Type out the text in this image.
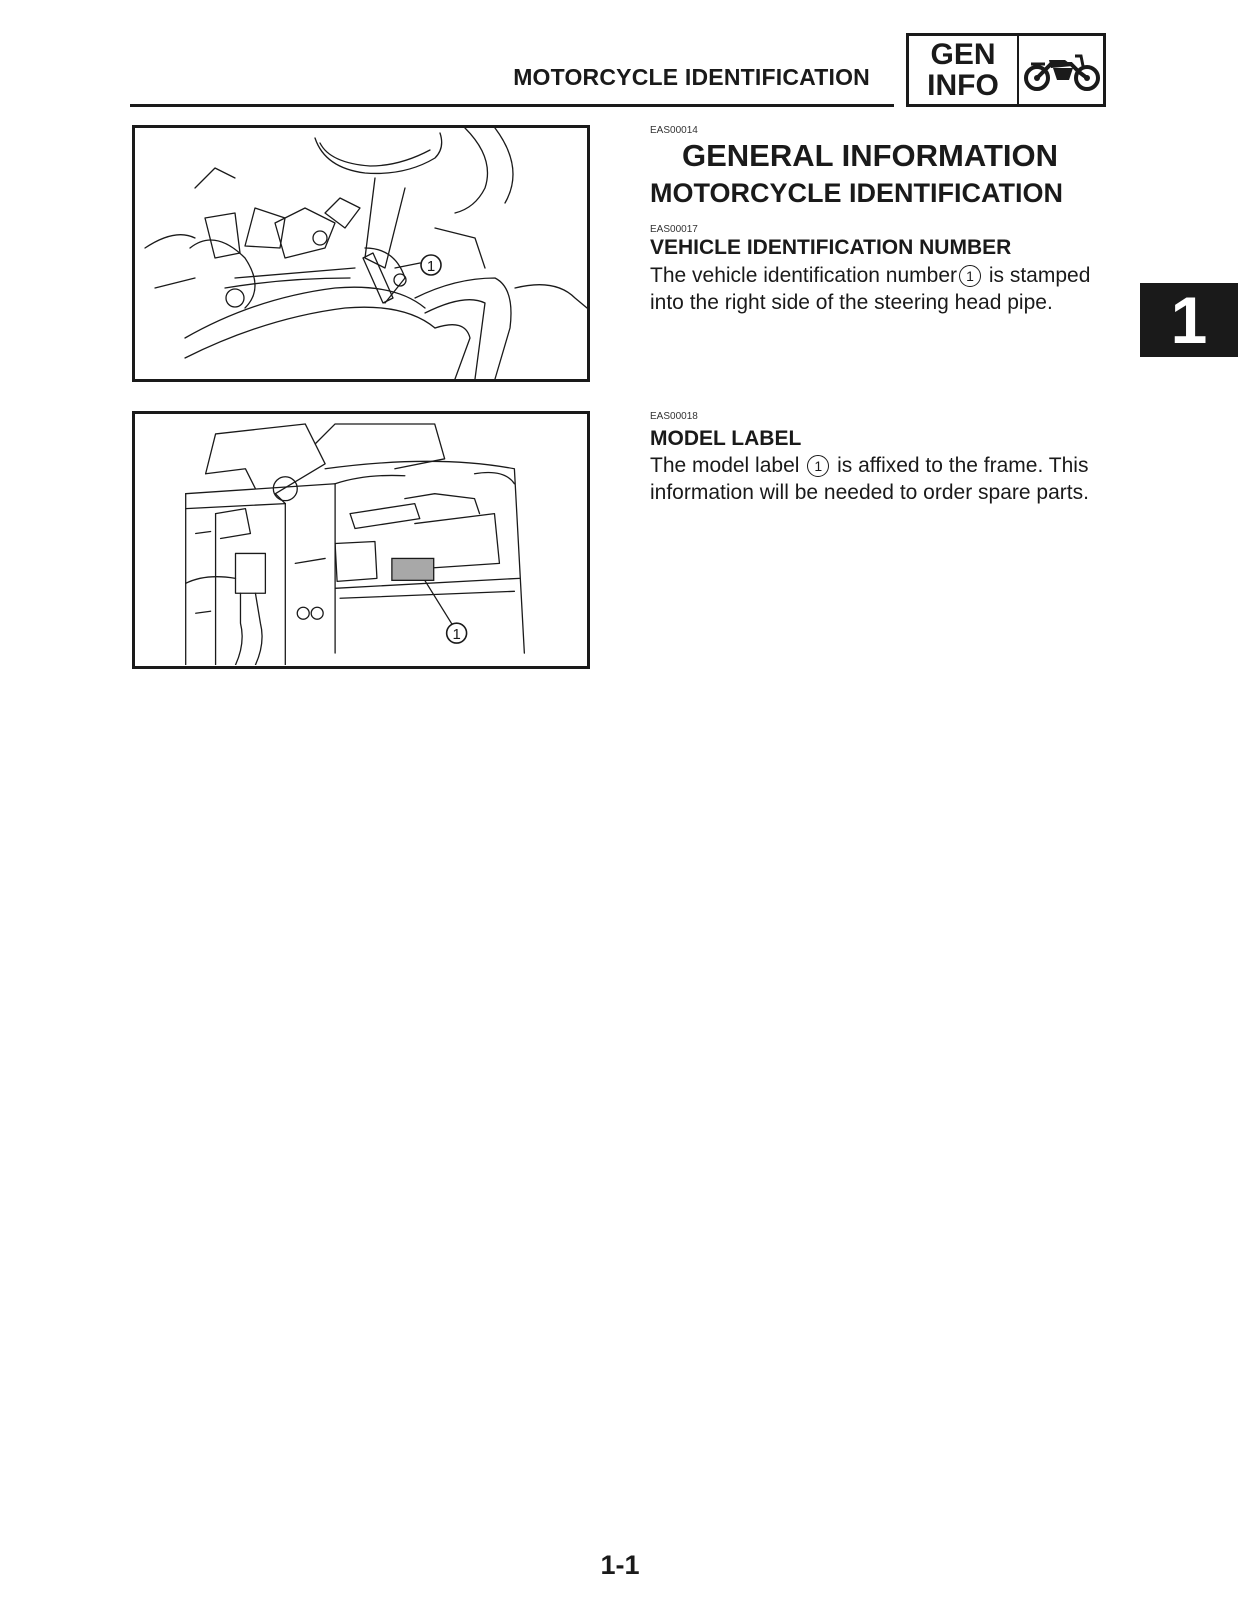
MOTORCYCLE IDENTIFICATION
GEN
INFO
1
1
1
EAS00014
GENERAL INFORMATION
MOTORCYCLE IDENTIFICATION
EAS00017
VEHICLE IDENTIFICATION NUMBER
The vehicle identification number 1 is stamped into the right side of the steering head pipe.
EAS00018
MODEL LABEL
The model label 1 is affixed to the frame. This information will be needed to order spare parts.
1-1
